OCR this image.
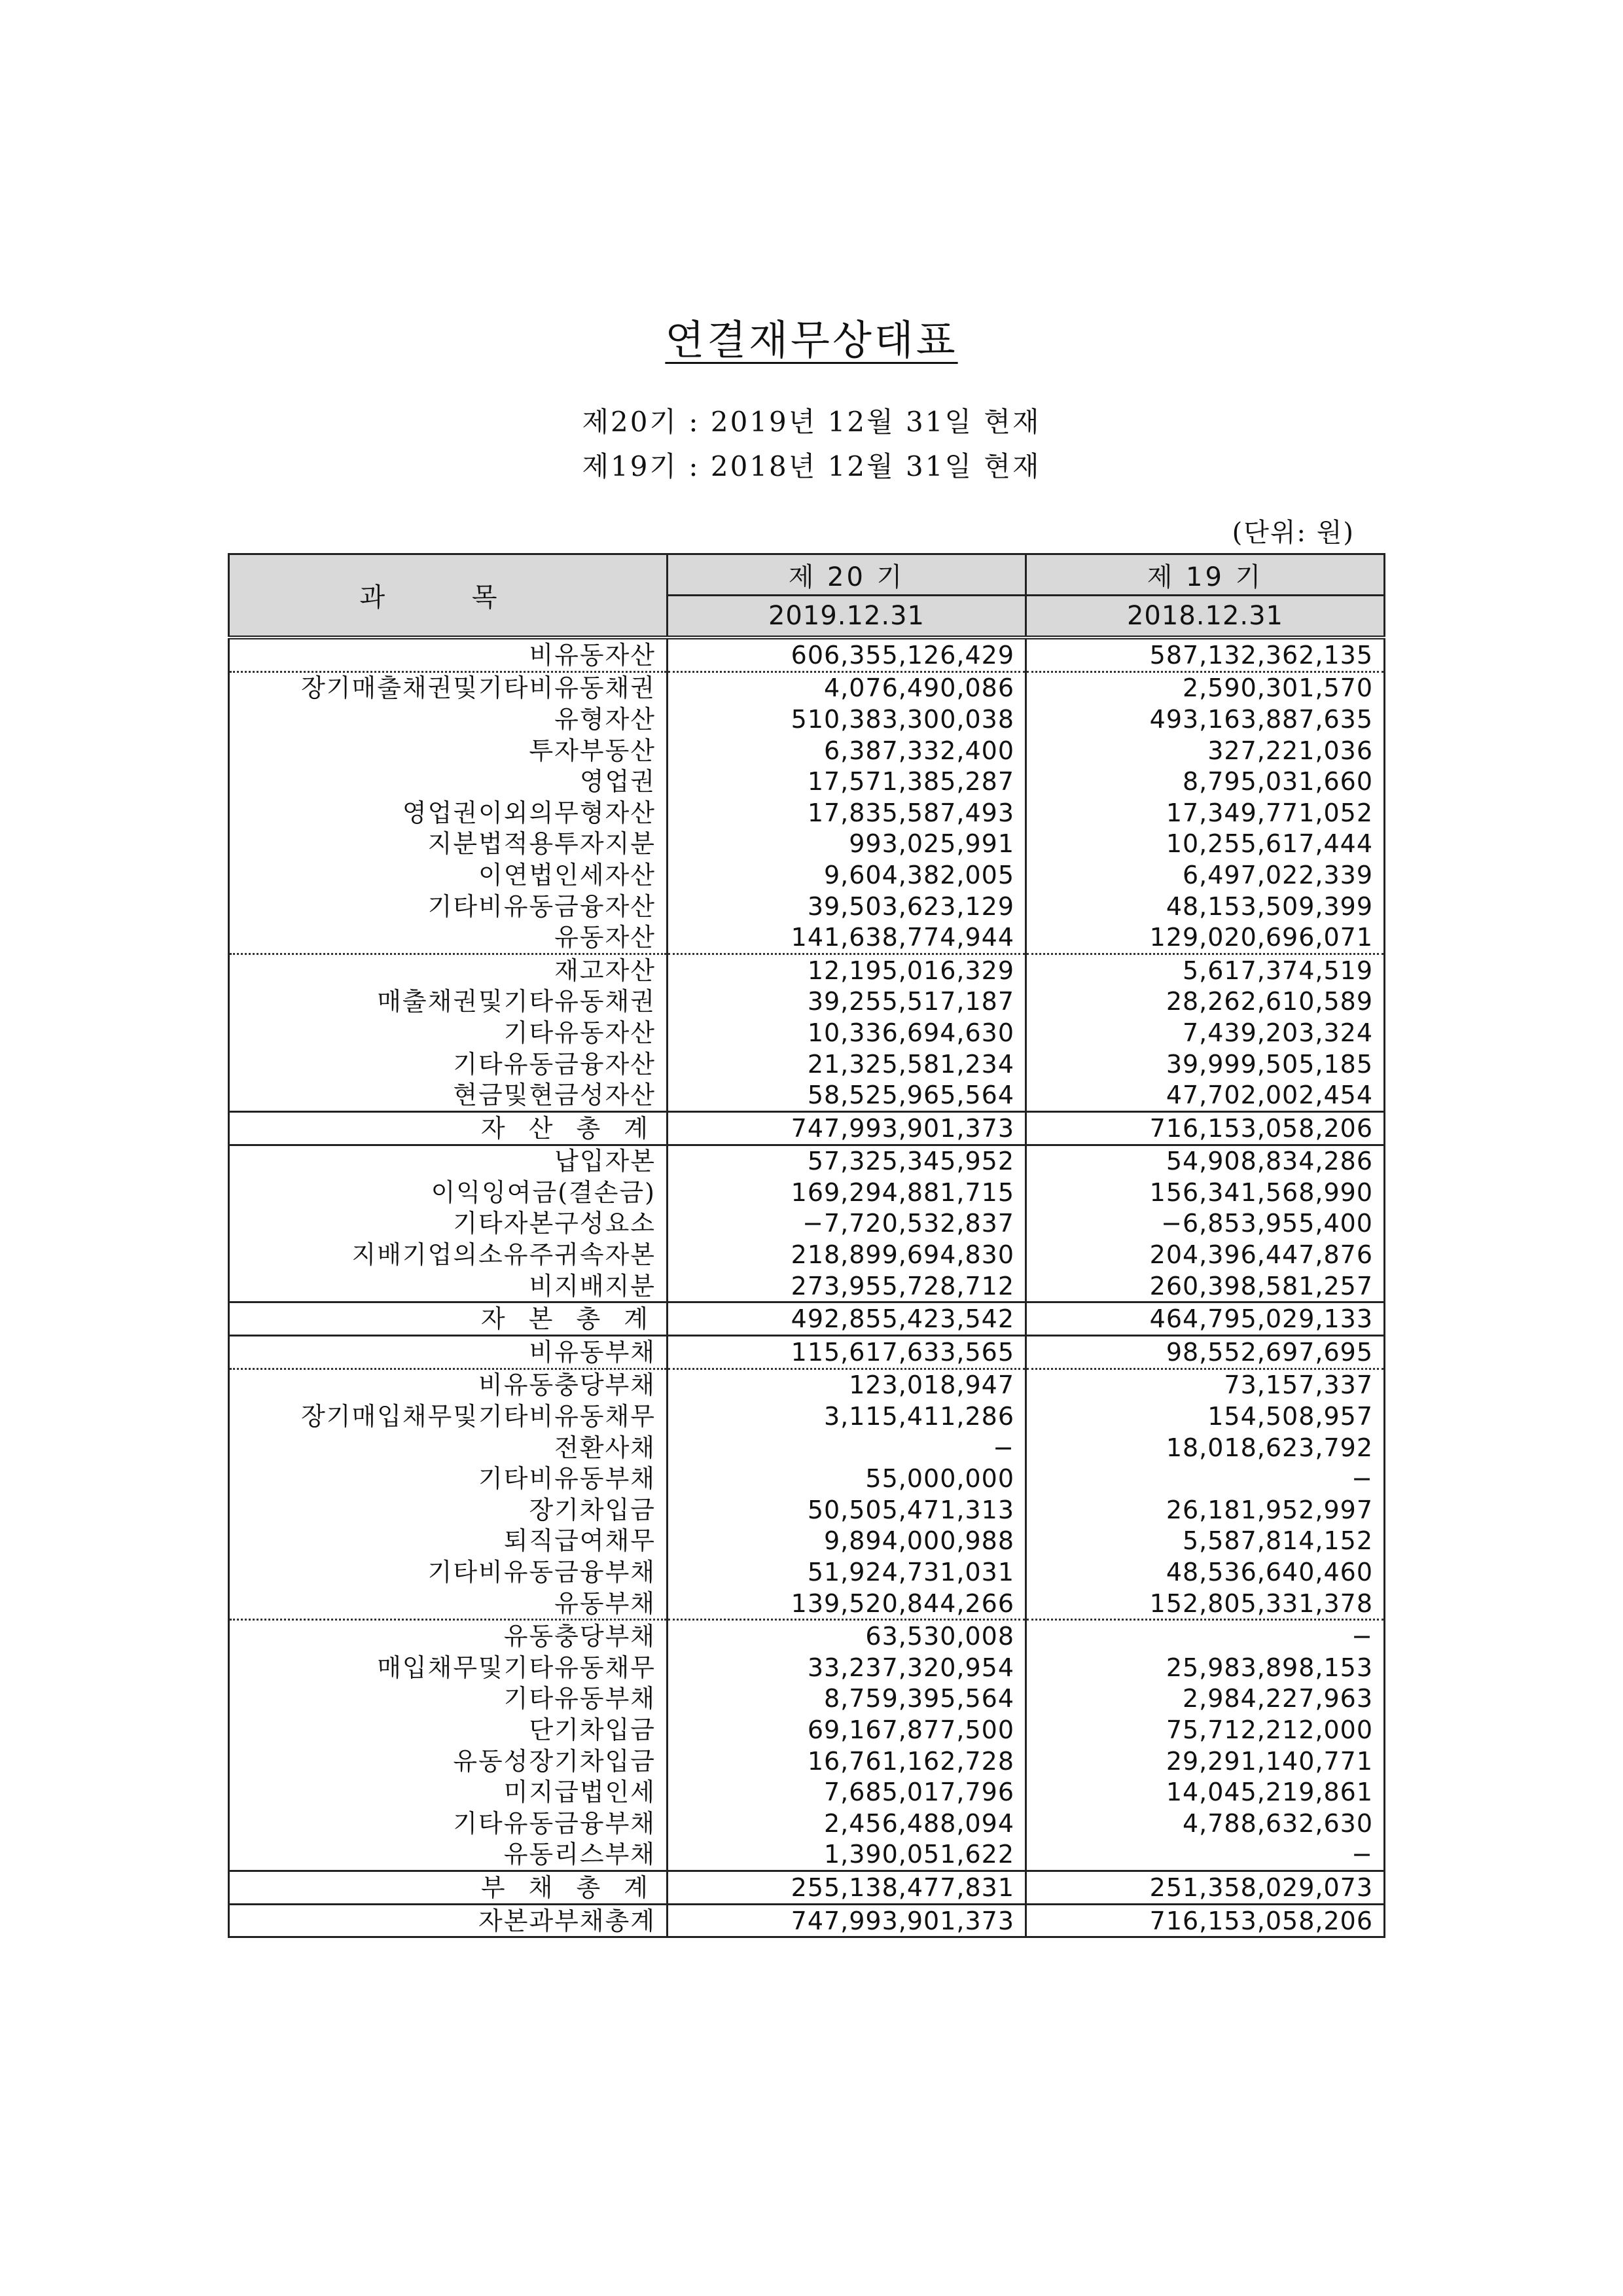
연결재무상태표
제20기 : 2019년 12월 31일 현재
제19기 : 2018년 12월 31일 현재
(단위: 원)
과 목	제 20 기	제 19 기
	2019.12.31	2018.12.31
비유동자산	606,355,126,429	587,132,362,135
장기매출채권및기타비유동채권	4,076,490,086	2,590,301,570
유형자산	510,383,300,038	493,163,887,635
투자부동산	6,387,332,400	327,221,036
영업권	17,571,385,287	8,795,031,660
영업권이외의무형자산	17,835,587,493	17,349,771,052
지분법적용투자지분	993,025,991	10,255,617,444
이연법인세자산	9,604,382,005	6,497,022,339
기타비유동금융자산	39,503,623,129	48,153,509,399
유동자산	141,638,774,944	129,020,696,071
재고자산	12,195,016,329	5,617,374,519
매출채권및기타유동채권	39,255,517,187	28,262,610,589
기타유동자산	10,336,694,630	7,439,203,324
기타유동금융자산	21,325,581,234	39,999,505,185
현금및현금성자산	58,525,965,564	47,702,002,454
자 산 총 계	747,993,901,373	716,153,058,206
납입자본	57,325,345,952	54,908,834,286
이익잉여금(결손금)	169,294,881,715	156,341,568,990
기타자본구성요소	−7,720,532,837	−6,853,955,400
지배기업의소유주귀속자본	218,899,694,830	204,396,447,876
비지배지분	273,955,728,712	260,398,581,257
자 본 총 계	492,855,423,542	464,795,029,133
비유동부채	115,617,633,565	98,552,697,695
비유동충당부채	123,018,947	73,157,337
장기매입채무및기타비유동채무	3,115,411,286	154,508,957
전환사채	−	18,018,623,792
기타비유동부채	55,000,000	−
장기차입금	50,505,471,313	26,181,952,997
퇴직급여채무	9,894,000,988	5,587,814,152
기타비유동금융부채	51,924,731,031	48,536,640,460
유동부채	139,520,844,266	152,805,331,378
유동충당부채	63,530,008	−
매입채무및기타유동채무	33,237,320,954	25,983,898,153
기타유동부채	8,759,395,564	2,984,227,963
단기차입금	69,167,877,500	75,712,212,000
유동성장기차입금	16,761,162,728	29,291,140,771
미지급법인세	7,685,017,796	14,045,219,861
기타유동금융부채	2,456,488,094	4,788,632,630
유동리스부채	1,390,051,622	−
부 채 총 계	255,138,477,831	251,358,029,073
자본과부채총계	747,993,901,373	716,153,058,206
